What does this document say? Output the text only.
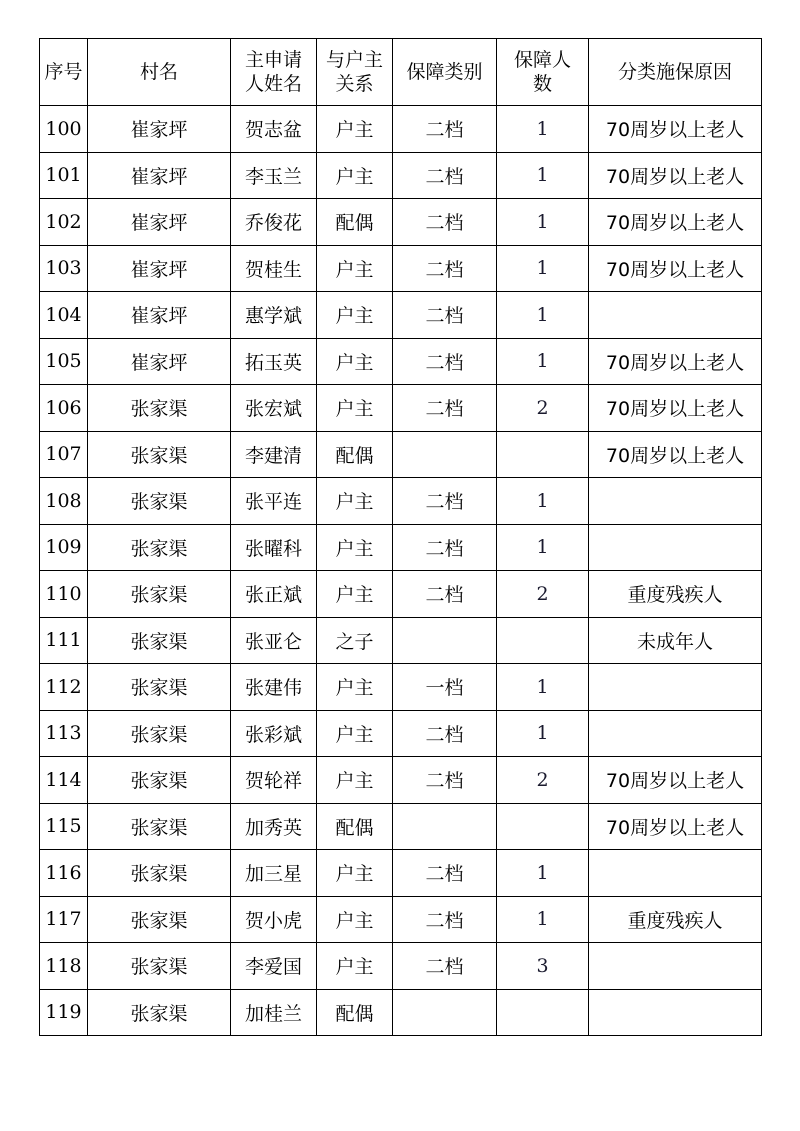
序号	村名	主申请人姓名	与户主关系	保障类别	保障人数	分类施保原因
100	崔家坪	贺志盆	户主	二档	1	70周岁以上老人
101	崔家坪	李玉兰	户主	二档	1	70周岁以上老人
102	崔家坪	乔俊花	配偶	二档	1	70周岁以上老人
103	崔家坪	贺桂生	户主	二档	1	70周岁以上老人
104	崔家坪	惠学斌	户主	二档	1	
105	崔家坪	拓玉英	户主	二档	1	70周岁以上老人
106	张家渠	张宏斌	户主	二档	2	70周岁以上老人
107	张家渠	李建清	配偶			70周岁以上老人
108	张家渠	张平连	户主	二档	1	
109	张家渠	张曜科	户主	二档	1	
110	张家渠	张正斌	户主	二档	2	重度残疾人
111	张家渠	张亚仑	之子			未成年人
112	张家渠	张建伟	户主	一档	1	
113	张家渠	张彩斌	户主	二档	1	
114	张家渠	贺轮祥	户主	二档	2	70周岁以上老人
115	张家渠	加秀英	配偶			70周岁以上老人
116	张家渠	加三星	户主	二档	1	
117	张家渠	贺小虎	户主	二档	1	重度残疾人
118	张家渠	李爱国	户主	二档	3	
119	张家渠	加桂兰	配偶			
